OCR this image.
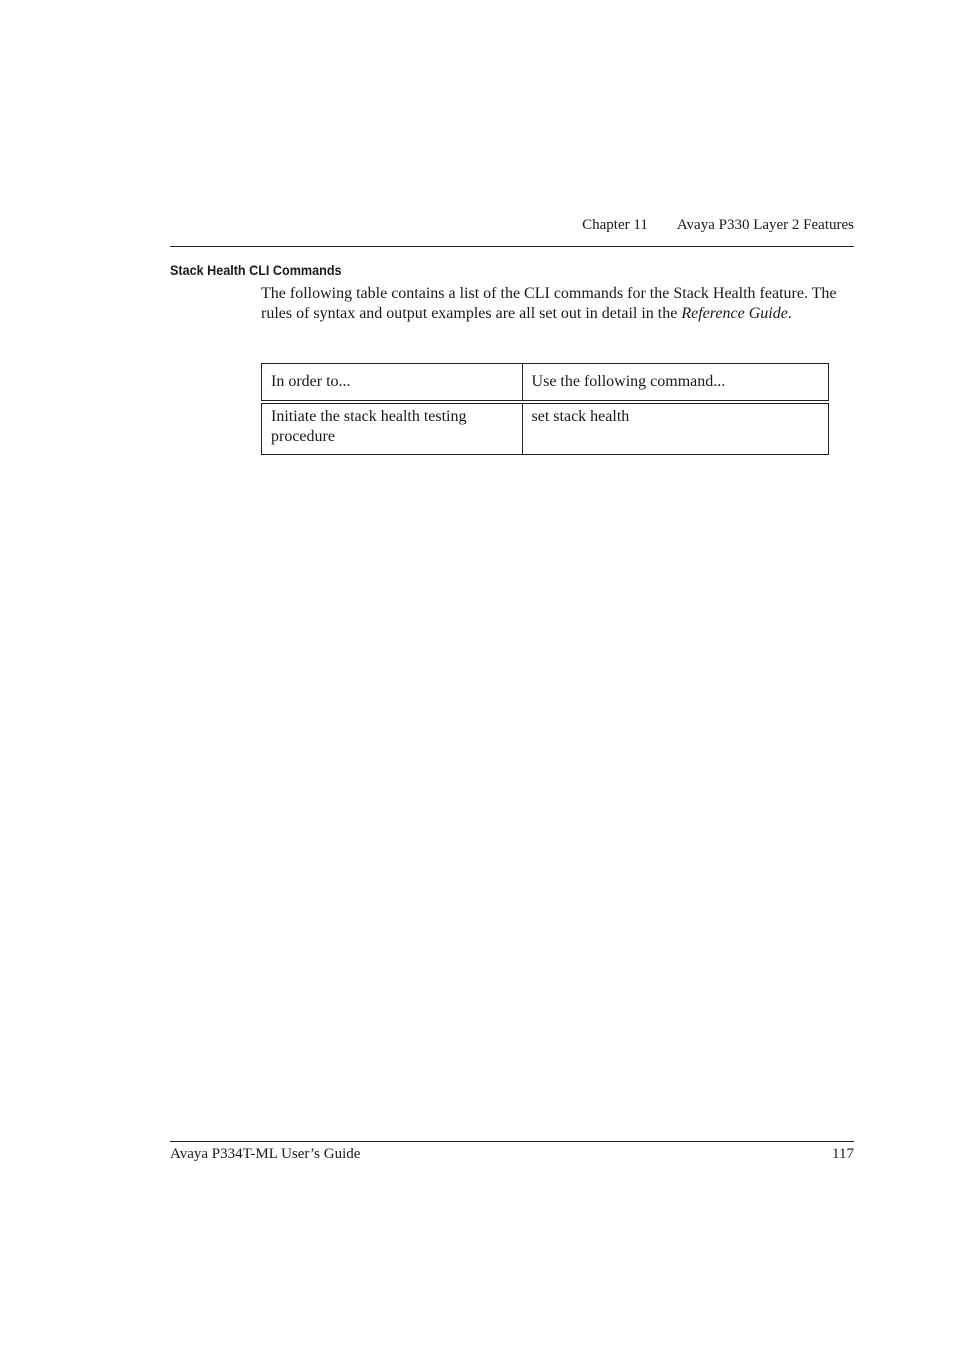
Chapter 11 Avaya P330 Layer 2 Features
Stack Health CLI Commands

The following table contains a list of the CLI commands for the Stack Health feature. The rules of syntax and output examples are all set out in detail in the Reference Guide.

In order to...	Use the following command...
Initiate the stack health testing procedure	set stack health
Avaya P334T-ML User’s Guide	117
